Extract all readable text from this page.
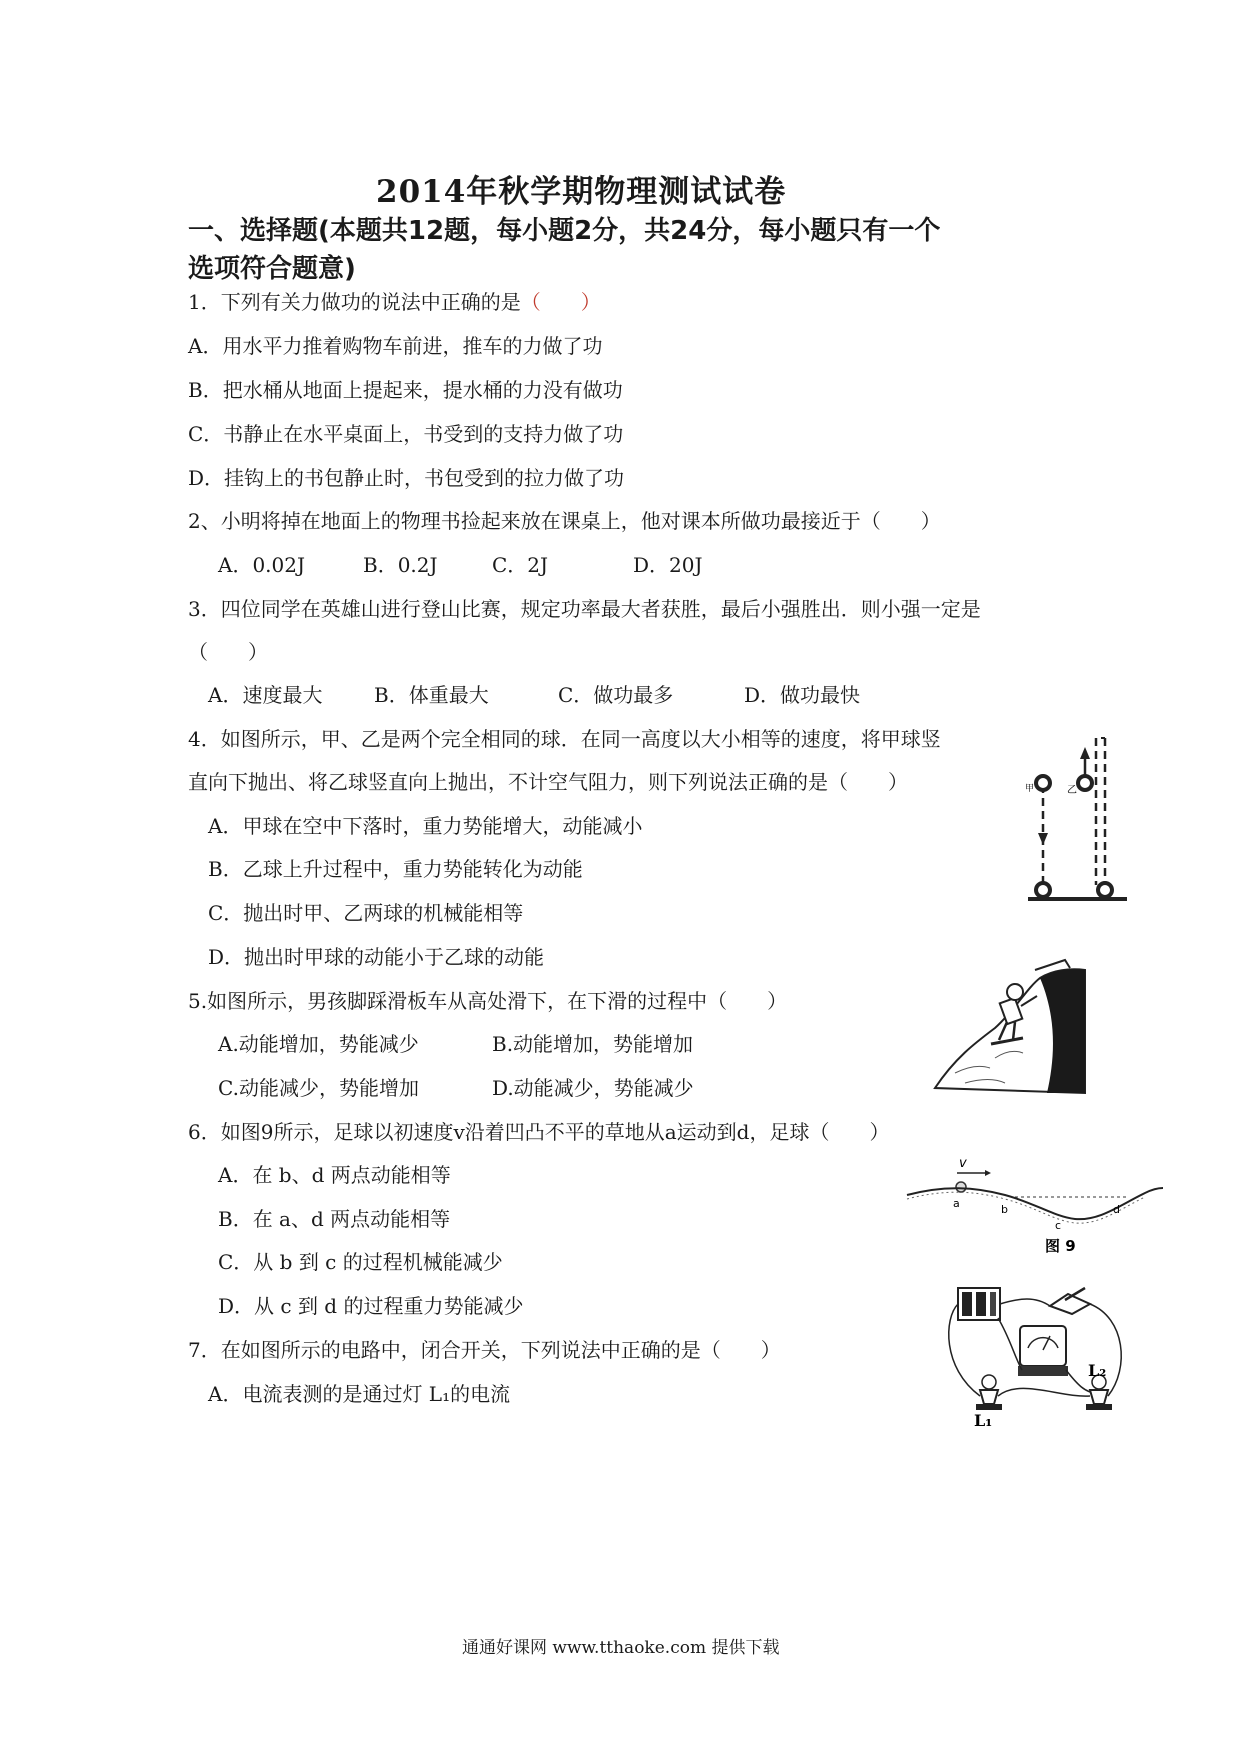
2014年秋学期物理测试试卷
一、选择题(本题共12题，每小题2分，共24分，每小题只有一个
选项符合题意)
1．下列有关力做功的说法中正确的是（　　）
A．用水平力推着购物车前进，推车的力做了功
B．把水桶从地面上提起来，提水桶的力没有做功
C．书静止在水平桌面上，书受到的支持力做了功
D．挂钩上的书包静止时，书包受到的拉力做了功
2、小明将掉在地面上的物理书捡起来放在课桌上，他对课本所做功最接近于（　　）
A．0.02J	B．0.2J	C．2J	D．20J
3．四位同学在英雄山进行登山比赛，规定功率最大者获胜，最后小强胜出．则小强一定是
（　　）
A．速度最大	B．体重最大	C．做功最多	D．做功最快
4．如图所示，甲、乙是两个完全相同的球．在同一高度以大小相等的速度，将甲球竖
直向下抛出、将乙球竖直向上抛出，不计空气阻力，则下列说法正确的是（　　）
A．甲球在空中下落时，重力势能增大，动能减小
B．乙球上升过程中，重力势能转化为动能
C．抛出时甲、乙两球的机械能相等
D．抛出时甲球的动能小于乙球的动能
甲	乙
5.如图所示，男孩脚踩滑板车从高处滑下，在下滑的过程中（　　）
A.动能增加，势能减少	B.动能增加，势能增加
C.动能减少，势能增加	D.动能减少，势能减少
6．如图9所示，足球以初速度v沿着凹凸不平的草地从a运动到d，足球（　　）
A．在 b、d 两点动能相等
B．在 a、d 两点动能相等
C．从 b 到 c 的过程机械能减少
D．从 c 到 d 的过程重力势能减少
v
a	b
c
d
图 9
7．在如图所示的电路中，闭合开关，下列说法中正确的是（　　）
A．电流表测的是通过灯 L₁的电流
L₂
L₁
通通好课网 www.tthaoke.com 提供下载
